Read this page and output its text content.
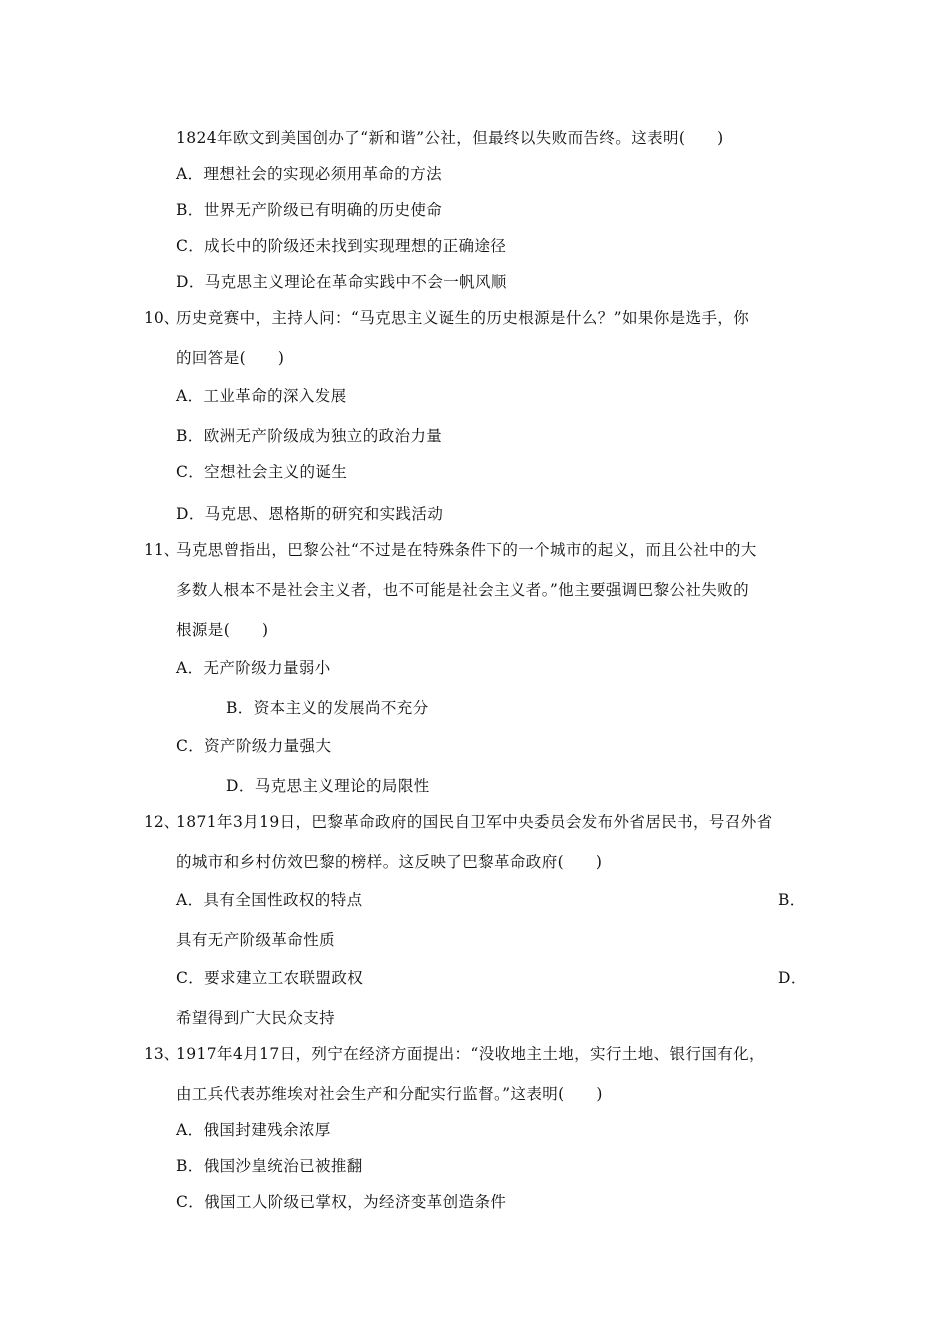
1824年欧文到美国创办了“新和谐”公社，但最终以失败而告终。这表明(　　)
A．理想社会的实现必须用革命的方法
B．世界无产阶级已有明确的历史使命
C．成长中的阶级还未找到实现理想的正确途径
D．马克思主义理论在革命实践中不会一帆风顺
10、
历史竞赛中，主持人问：“马克思主义诞生的历史根源是什么？”如果你是选手，你
的回答是(　　)
A．工业革命的深入发展
B．欧洲无产阶级成为独立的政治力量
C．空想社会主义的诞生
D．马克思、恩格斯的研究和实践活动
11、
马克思曾指出，巴黎公社“不过是在特殊条件下的一个城市的起义，而且公社中的大
多数人根本不是社会主义者，也不可能是社会主义者。”他主要强调巴黎公社失败的
根源是(　　)
A．无产阶级力量弱小
B．资本主义的发展尚不充分
C．资产阶级力量强大
D．马克思主义理论的局限性
12、
1871年3月19日，巴黎革命政府的国民自卫军中央委员会发布外省居民书，号召外省
的城市和乡村仿效巴黎的榜样。这反映了巴黎革命政府(　　)
A．具有全国性政权的特点	B．
具有无产阶级革命性质
C．要求建立工农联盟政权	D．
希望得到广大民众支持
13、
1917年4月17日，列宁在经济方面提出：“没收地主土地，实行土地、银行国有化，
由工兵代表苏维埃对社会生产和分配实行监督。”这表明(　　)
A．俄国封建残余浓厚
B．俄国沙皇统治已被推翻
C．俄国工人阶级已掌权，为经济变革创造条件
